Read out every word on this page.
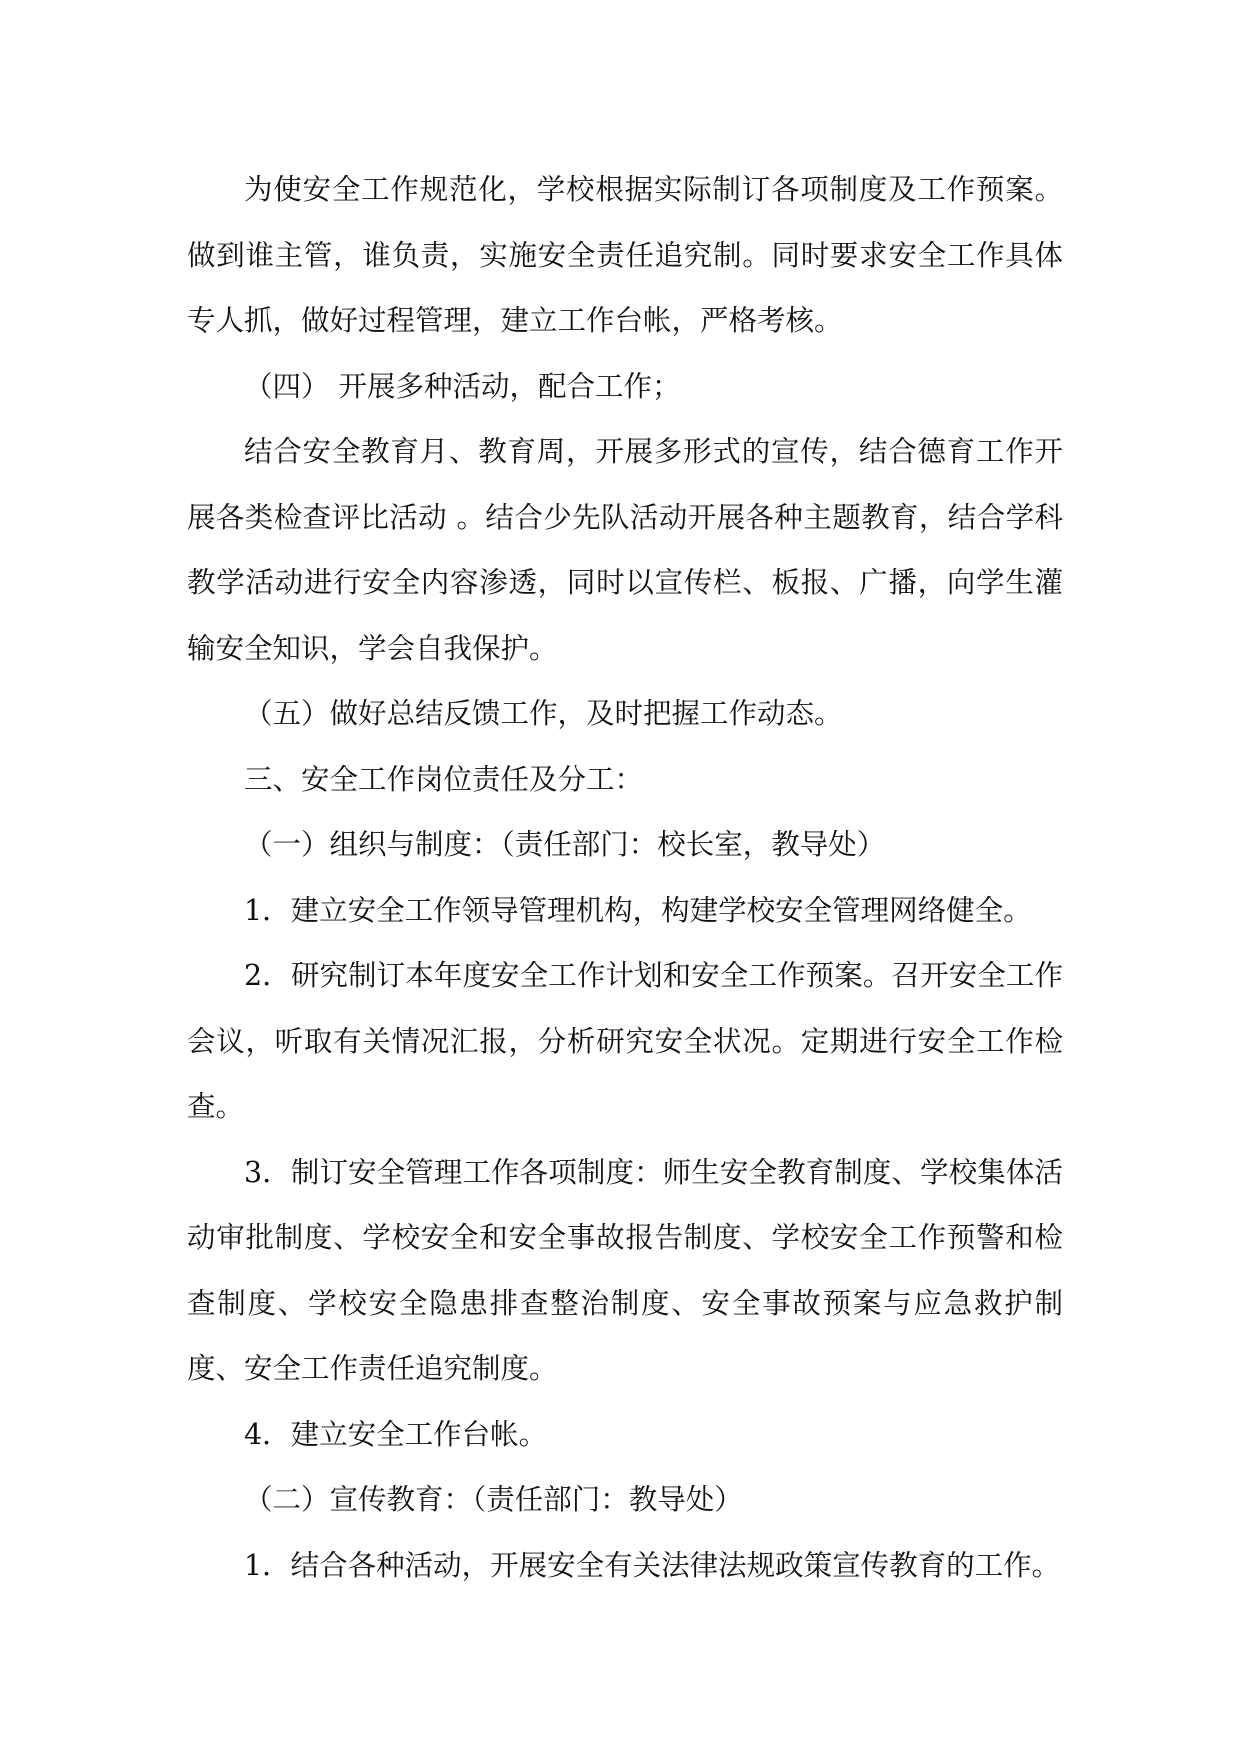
为使安全工作规范化，学校根据实际制订各项制度及工作预案。做到谁主管，谁负责，实施安全责任追究制。同时要求安全工作具体专人抓，做好过程管理，建立工作台帐，严格考核。

（四） 开展多种活动，配合工作；

结合安全教育月、教育周，开展多形式的宣传，结合德育工作开展各类检查评比活动 。结合少先队活动开展各种主题教育，结合学科教学活动进行安全内容渗透，同时以宣传栏、板报、广播，向学生灌输安全知识，学会自我保护。

（五）做好总结反馈工作，及时把握工作动态。

三、安全工作岗位责任及分工：

（一）组织与制度：（责任部门：校长室，教导处）

1．建立安全工作领导管理机构，构建学校安全管理网络健全。

2．研究制订本年度安全工作计划和安全工作预案。召开安全工作会议，听取有关情况汇报，分析研究安全状况。定期进行安全工作检查。

3．制订安全管理工作各项制度：师生安全教育制度、学校集体活动审批制度、学校安全和安全事故报告制度、学校安全工作预警和检查制度、学校安全隐患排查整治制度、安全事故预案与应急救护制度、安全工作责任追究制度。

4．建立安全工作台帐。

（二）宣传教育：（责任部门：教导处）

1．结合各种活动，开展安全有关法律法规政策宣传教育的工作。
